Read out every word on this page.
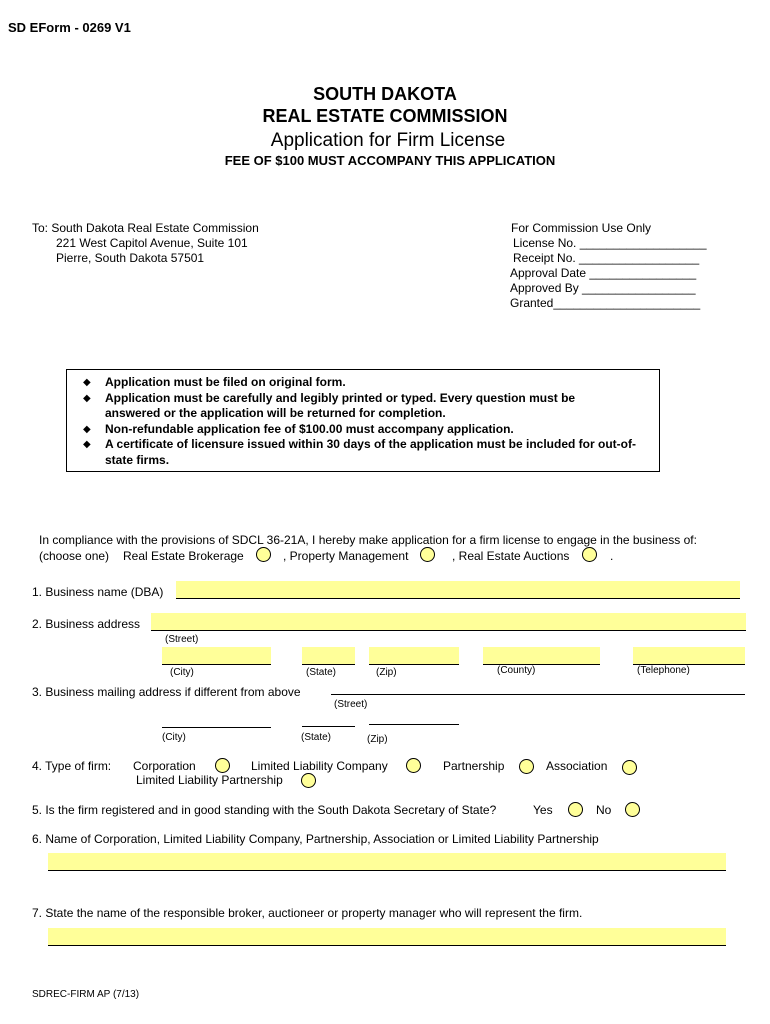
SD EForm - 0269 V1
SOUTH DAKOTA
REAL ESTATE COMMISSION
Application for Firm License
FEE OF $100 MUST ACCOMPANY THIS APPLICATION
To: South Dakota Real Estate Commission
221 West Capitol Avenue, Suite 101
Pierre, South Dakota 57501
For Commission Use Only
License No. ___________________
Receipt No. __________________
Approval Date ________________
Approved By _________________
Granted______________________
◆ Application must be filed on original form.
◆ Application must be carefully and legibly printed or typed. Every question must be answered or the application will be returned for completion.
◆ Non-refundable application fee of $100.00 must accompany application.
◆ A certificate of licensure issued within 30 days of the application must be included for out-of-state firms.
In compliance with the provisions of SDCL 36-21A, I hereby make application for a firm license to engage in the business of:
(choose one) Real Estate Brokerage	, Property Management	, Real Estate Auctions	.
1. Business name (DBA)
2. Business address
(Street)
(City)	(State)	(Zip)	(County)	(Telephone)
3. Business mailing address if different from above
(Street)
(City)	(State)	(Zip)
4. Type of firm: Corporation	Limited Liability Company	Partnership	Association
Limited Liability Partnership
5. Is the firm registered and in good standing with the South Dakota Secretary of State?	Yes	No
6. Name of Corporation, Limited Liability Company, Partnership, Association or Limited Liability Partnership
7. State the name of the responsible broker, auctioneer or property manager who will represent the firm.
SDREC-FIRM AP (7/13)
